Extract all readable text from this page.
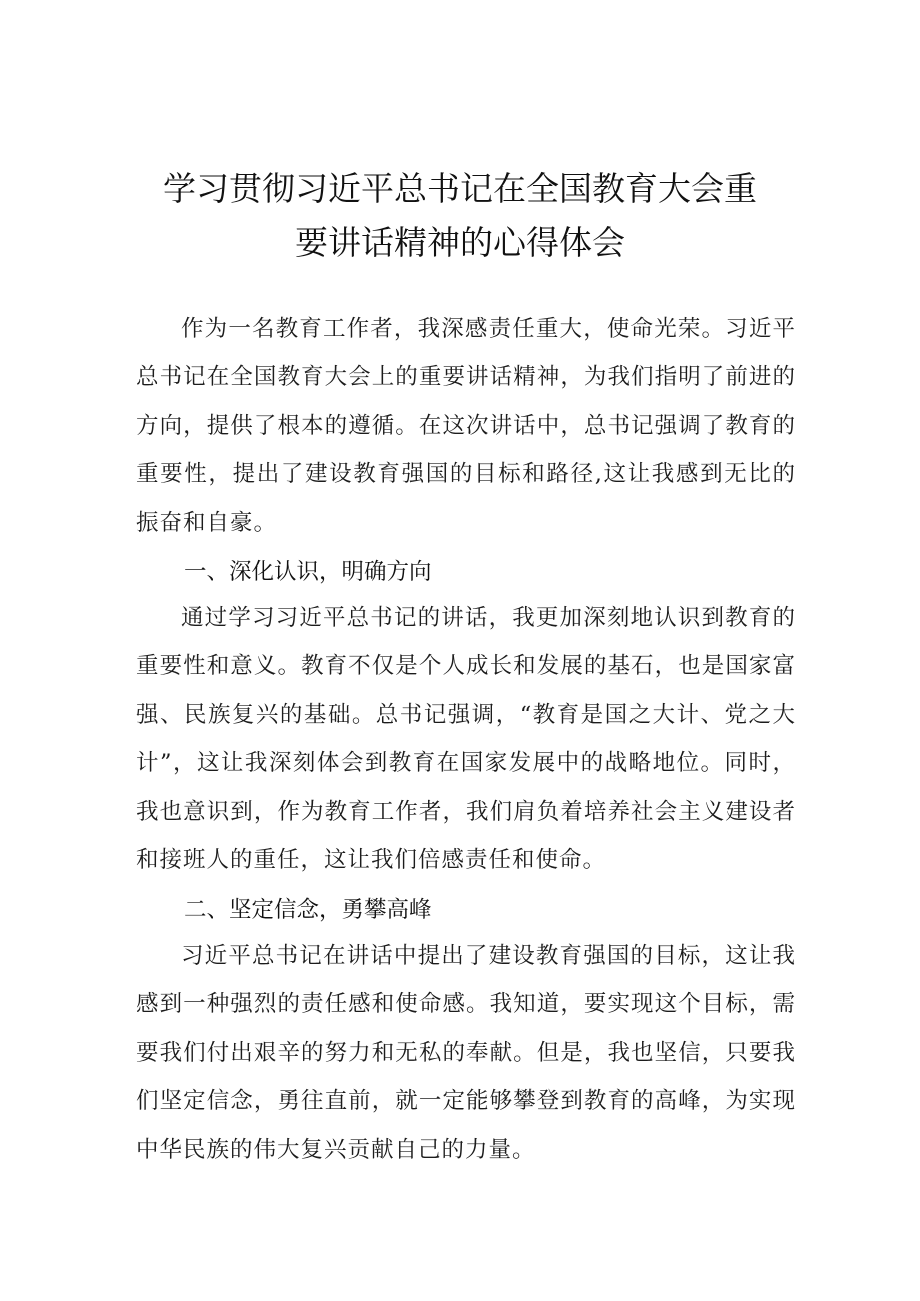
学习贯彻习近平总书记在全国教育大会重
要讲话精神的心得体会

作为一名教育工作者，我深感责任重大，使命光荣。习近平总书记在全国教育大会上的重要讲话精神，为我们指明了前进的方向，提供了根本的遵循。在这次讲话中，总书记强调了教育的重要性，提出了建设教育强国的目标和路径,这让我感到无比的振奋和自豪。

一、深化认识，明确方向

通过学习习近平总书记的讲话，我更加深刻地认识到教育的重要性和意义。教育不仅是个人成长和发展的基石，也是国家富强、民族复兴的基础。总书记强调，“教育是国之大计、党之大计”，这让我深刻体会到教育在国家发展中的战略地位。同时，我也意识到，作为教育工作者，我们肩负着培养社会主义建设者和接班人的重任，这让我们倍感责任和使命。

二、坚定信念，勇攀高峰

习近平总书记在讲话中提出了建设教育强国的目标，这让我感到一种强烈的责任感和使命感。我知道，要实现这个目标，需要我们付出艰辛的努力和无私的奉献。但是，我也坚信，只要我们坚定信念，勇往直前，就一定能够攀登到教育的高峰，为实现中华民族的伟大复兴贡献自己的力量。
